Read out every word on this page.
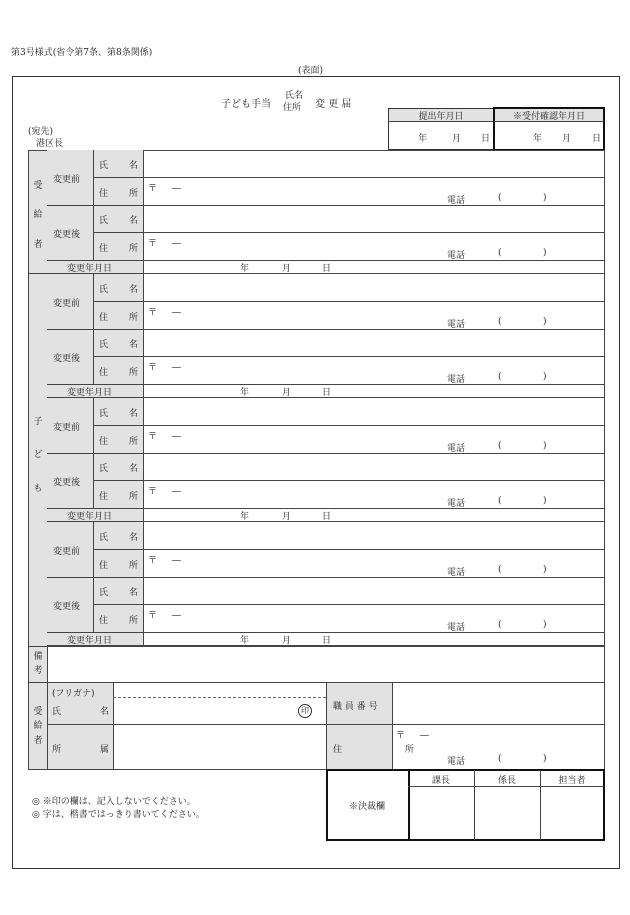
第3号様式(省令第7条、第8条関係)
(表面)
子ども手当
氏名
住所 変 更 届
(宛先)
港区長
提出年月日
年	月 日
※受付確認年月日
年 月 日
変更前
氏 名
住 所 〒 ―
電話	(	)
変更後
氏 名
住 所 〒 ―
電話	(	)
変更年月日	年	月	日
変更前
氏 名
住 所 〒 ―
電話	(	)
変更後
氏 名
住 所 〒 ―
電話	(	)
変更年月日	年	月	日
変更前
氏 名
住 所 〒 ―
電話	(	)
変更後
氏 名
住 所 〒 ―
電話	(	)
変更年月日	年	月	日
変更前
氏 名
住 所 〒 ―
電話	(	)
変更後
氏 名
住 所 〒 ―
電話	(	)
変更年月日	年	月	日
受
給
者
子
ど
も
備
考
受
給
者
(フリガナ)
氏 名	印	職 員 番 号
所 属	住 所
〒 ―
電話	(	)
※決裁欄
課長	係長	担当者
◎ ※印の欄は、記入しないでください。
◎ 字は、楷書ではっきり書いてください。
